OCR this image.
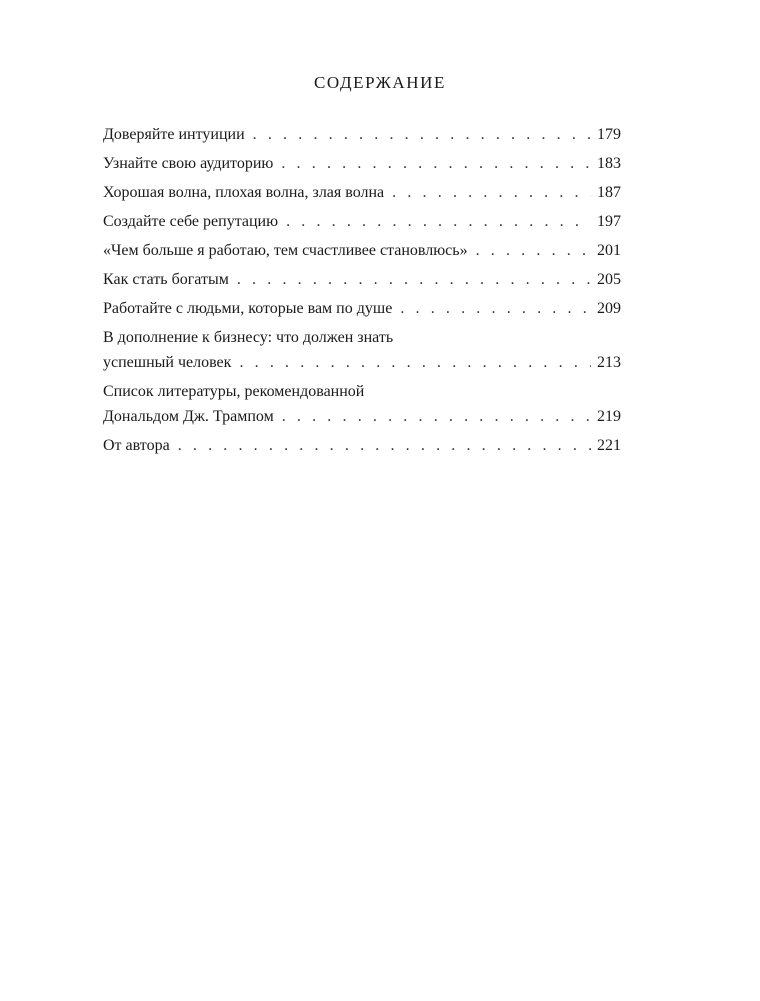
СОДЕРЖАНИЕ
Доверяйте интуиции . . .	179
Узнайте свою аудиторию . . .	183
Хорошая волна, плохая волна, злая волна . . .	187
Создайте себе репутацию . . .	197
«Чем больше я работаю, тем счастливее становлюсь» . . .	201
Как стать богатым . . .	205
Работайте с людьми, которые вам по душе . . .	209
В дополнение к бизнесу: что должен знать
успешный человек . . .	213
Список литературы, рекомендованной
Дональдом Дж. Трампом . . .	219
От автора . . .	221
